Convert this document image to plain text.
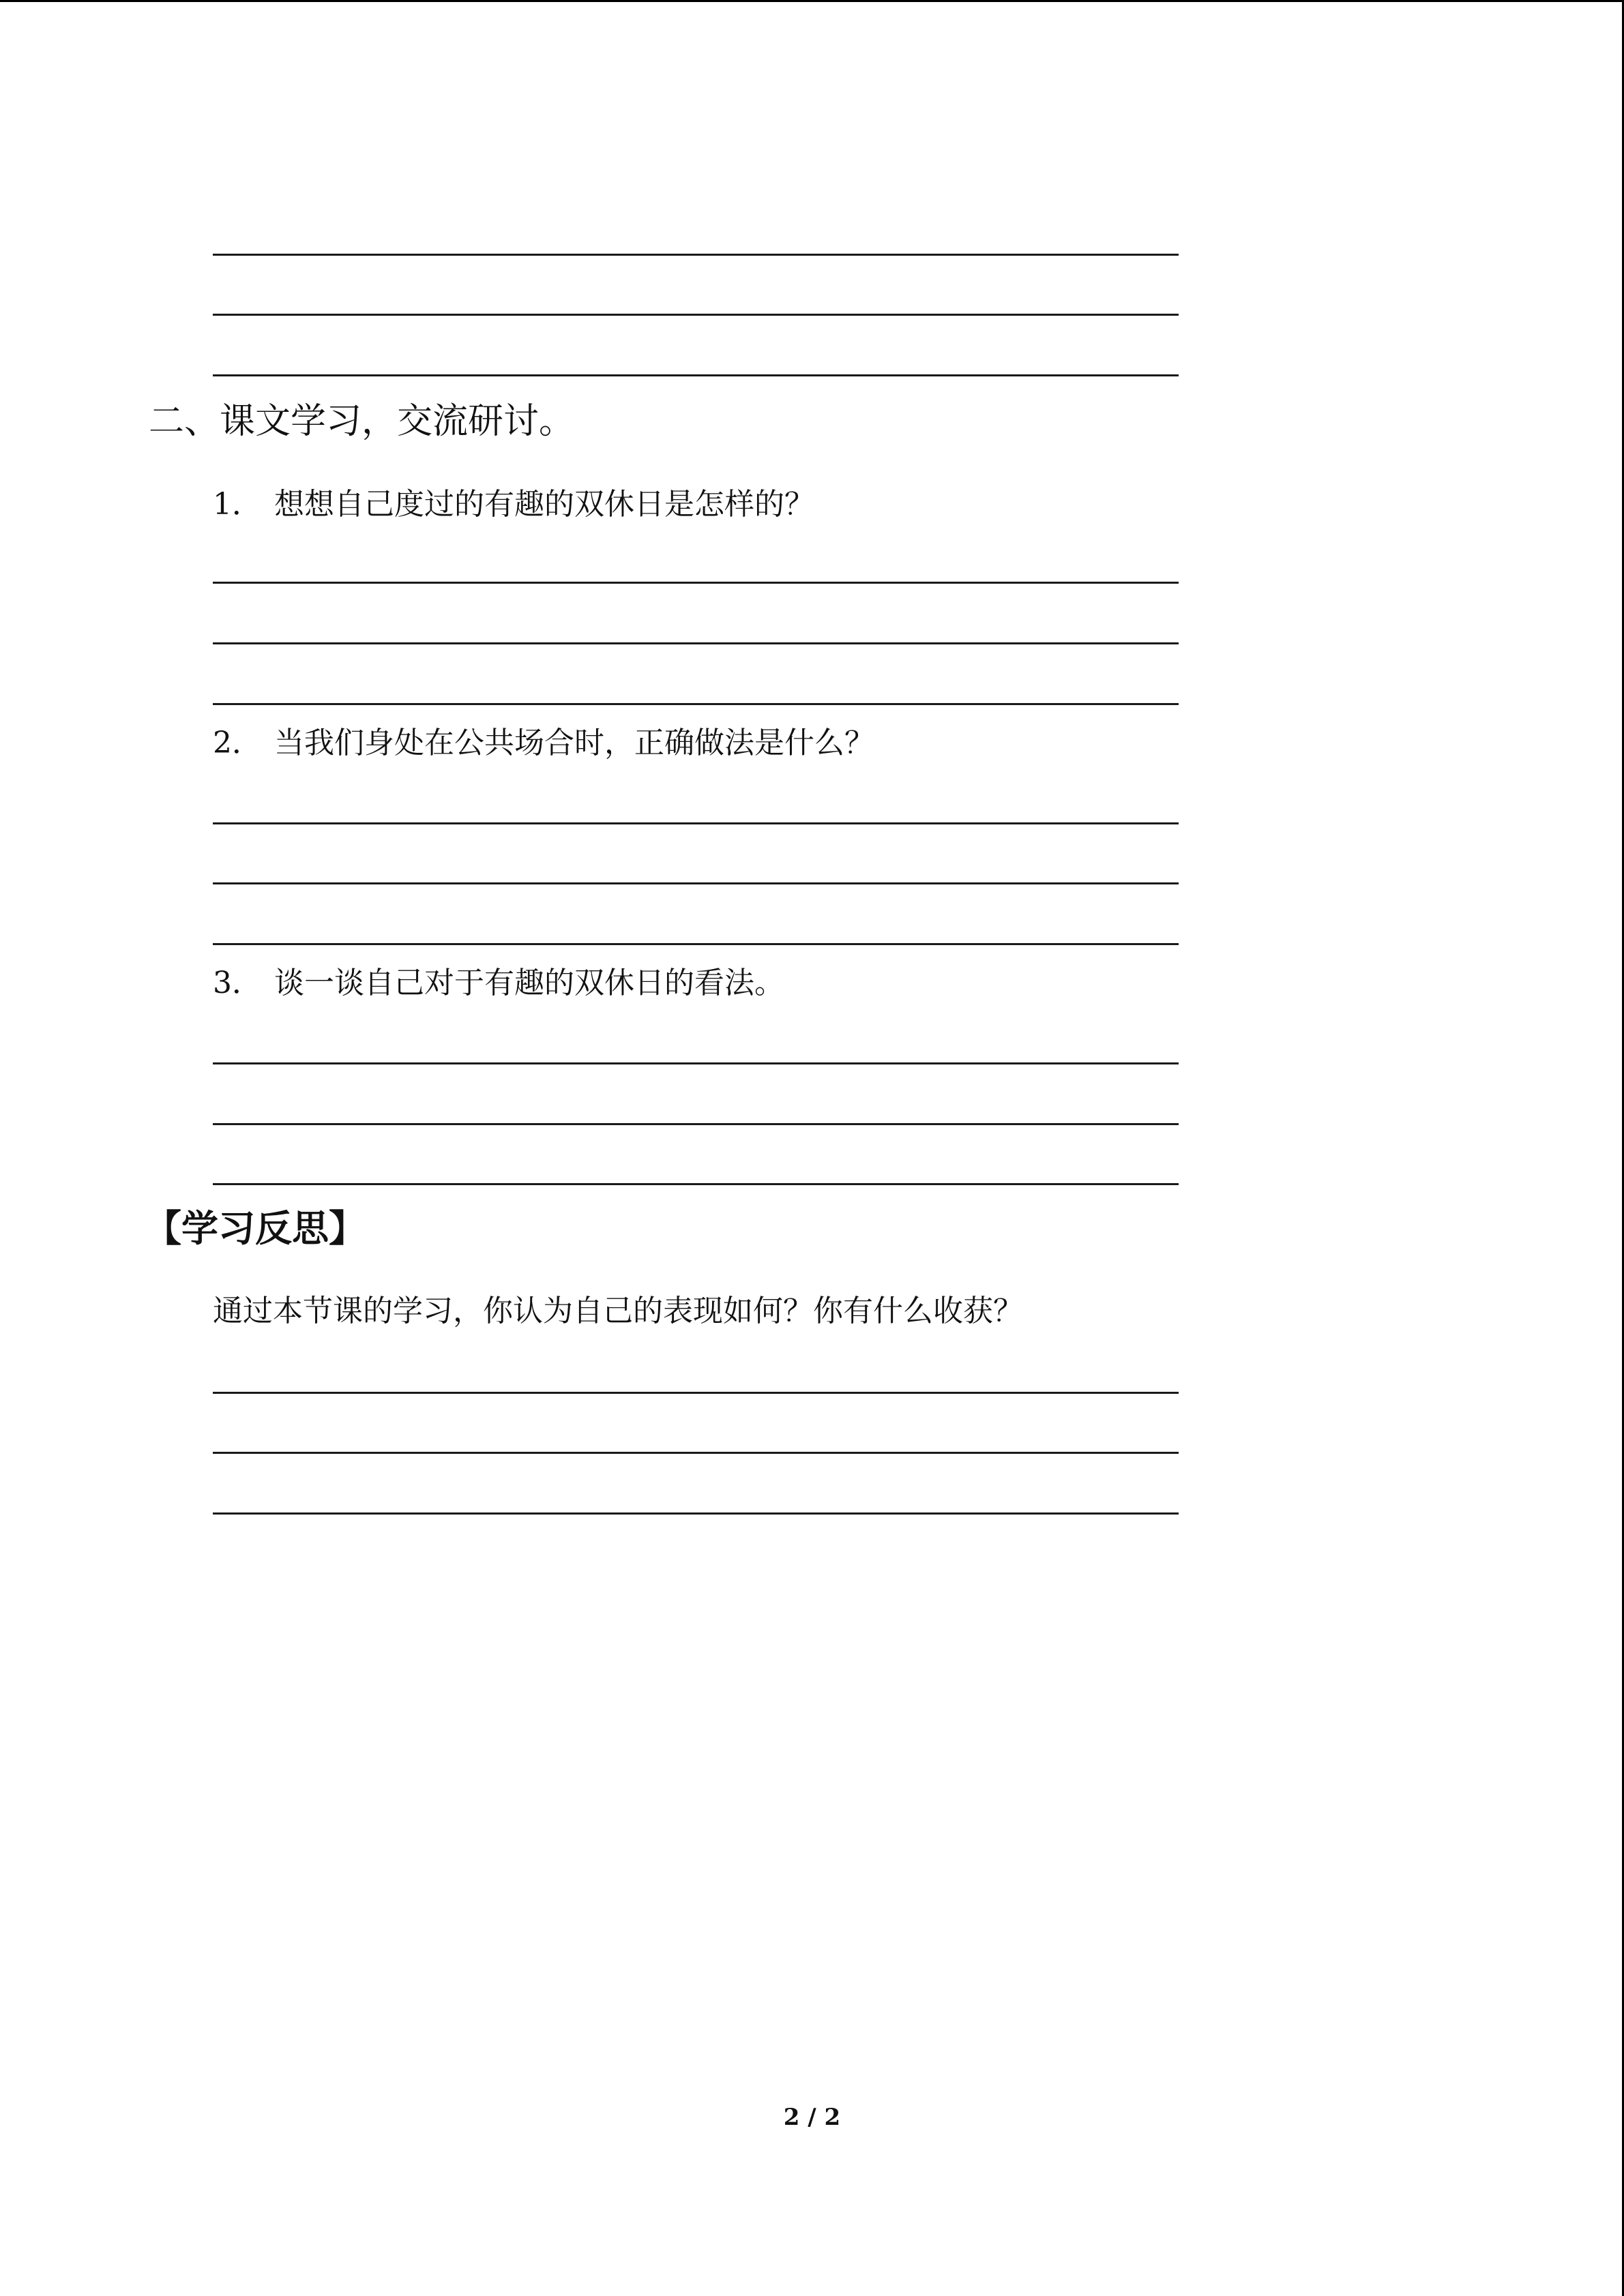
二、课文学习，交流研讨。
1． 想想自己度过的有趣的双休日是怎样的？
2． 当我们身处在公共场合时，正确做法是什么？
3． 谈一谈自己对于有趣的双休日的看法。
【学习反思】
通过本节课的学习，你认为自己的表现如何？你有什么收获？
2 / 2
